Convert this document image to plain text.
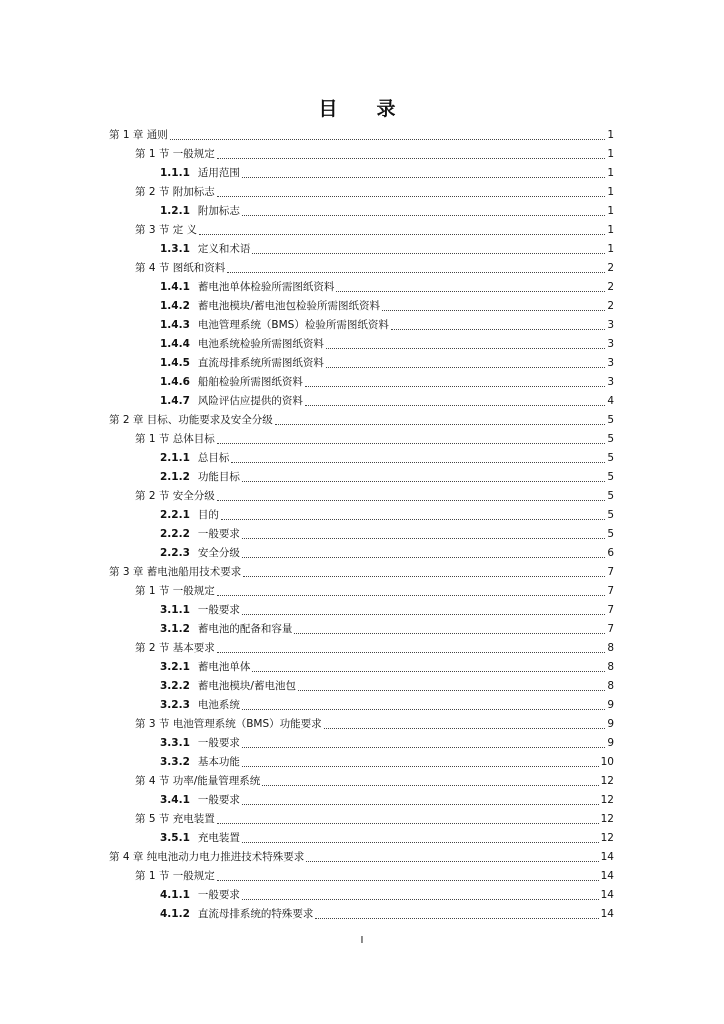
目　录
第 1 章 通则	1
第 1 节 一般规定	1
1.1.1 适用范围	1
第 2 节 附加标志	1
1.2.1 附加标志	1
第 3 节 定 义	1
1.3.1 定义和术语	1
第 4 节 图纸和资料	2
1.4.1 蓄电池单体检验所需图纸资料	2
1.4.2 蓄电池模块/蓄电池包检验所需图纸资料	2
1.4.3 电池管理系统（BMS）检验所需图纸资料	3
1.4.4 电池系统检验所需图纸资料	3
1.4.5 直流母排系统所需图纸资料	3
1.4.6 船舶检验所需图纸资料	3
1.4.7 风险评估应提供的资料	4
第 2 章 目标、功能要求及安全分级	5
第 1 节 总体目标	5
2.1.1 总目标	5
2.1.2 功能目标	5
第 2 节 安全分级	5
2.2.1 目的	5
2.2.2 一般要求	5
2.2.3 安全分级	6
第 3 章 蓄电池船用技术要求	7
第 1 节 一般规定	7
3.1.1 一般要求	7
3.1.2 蓄电池的配备和容量	7
第 2 节 基本要求	8
3.2.1 蓄电池单体	8
3.2.2 蓄电池模块/蓄电池包	8
3.2.3 电池系统	9
第 3 节 电池管理系统（BMS）功能要求	9
3.3.1 一般要求	9
3.3.2 基本功能	10
第 4 节 功率/能量管理系统	12
3.4.1 一般要求	12
第 5 节 充电装置	12
3.5.1 充电装置	12
第 4 章 纯电池动力电力推进技术特殊要求	14
第 1 节 一般规定	14
4.1.1 一般要求	14
4.1.2 直流母排系统的特殊要求	14
I
